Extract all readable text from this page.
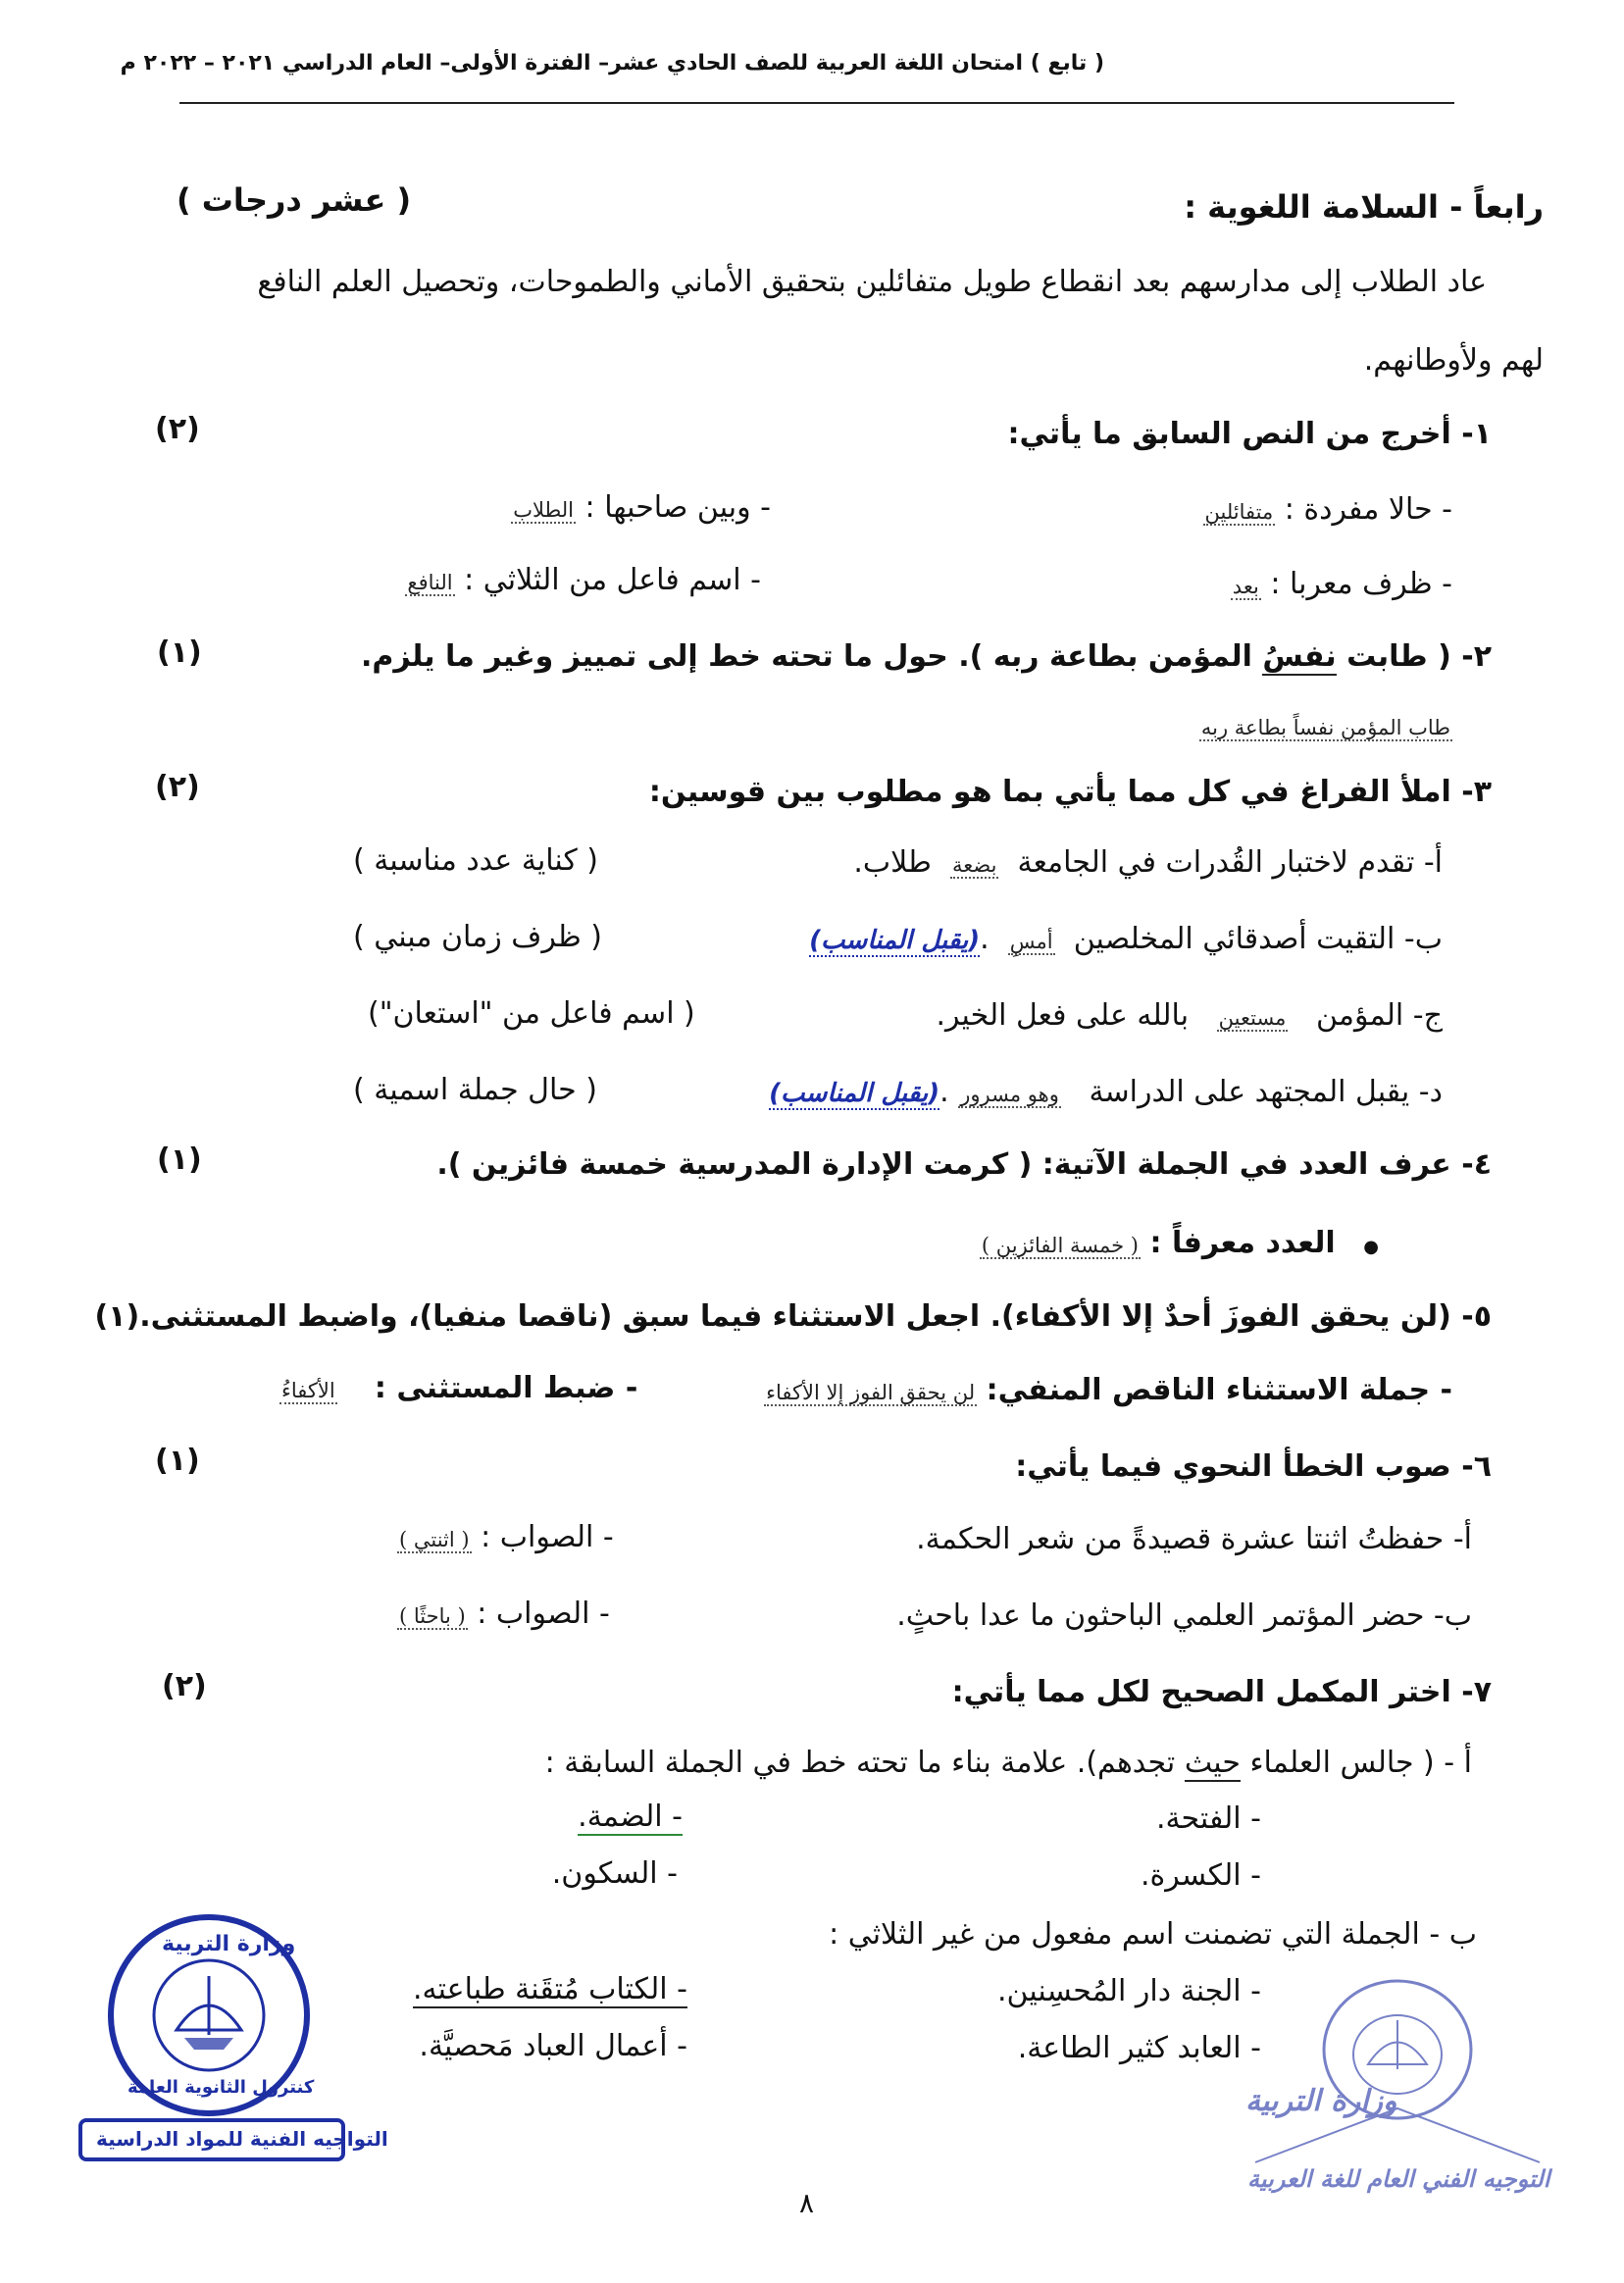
( تابع ) امتحان اللغة العربية للصف الحادي عشر– الفترة الأولى– العام الدراسي ٢٠٢١ – ٢٠٢٢ م
رابعاً - السلامة اللغوية :
( عشر درجات )
عاد الطلاب إلى مدارسهم بعد انقطاع طويل متفائلين بتحقيق الأماني والطموحات، وتحصيل العلم النافع
لهم ولأوطانهم.
١- أخرج من النص السابق ما يأتي:
(٢)
- حالا مفردة : متفائلين
- وبين صاحبها : الطلاب
- ظرف معربا : بعد
- اسم فاعل من الثلاثي : النافع
٢- ( طابت نفسُ المؤمن بطاعة ربه ). حول ما تحته خط إلى تمييز وغير ما يلزم.
(١)
طاب المؤمن نفساً بطاعة ربه
٣- املأ الفراغ في كل مما يأتي بما هو مطلوب بين قوسين:
(٢)
أ- تقدم لاختبار القُدرات في الجامعة  بضعة  طلاب.
( كناية عدد مناسبة )
ب- التقيت أصدقائي المخلصين  أمسِ  .(يقبل المناسب)
( ظرف زمان مبني )
ج- المؤمن   مستعين   بالله على فعل الخير.
( اسم فاعل من "استعان")
د- يقبل المجتهد على الدراسة   وهو مسرور .(يقبل المناسب)
( حال جملة اسمية )
٤- عرف العدد في الجملة الآتية: ( كرمت الإدارة المدرسية خمسة فائزين ).
(١)
●   العدد معرفاً : ( خمسة الفائزين )
٥- (لن يحقق الفوزَ أحدٌ إلا الأكفاء). اجعل الاستثناء فيما سبق (ناقصا منفيا)، واضبط المستثنى.(١)
- جملة الاستثناء الناقص المنفي: لن يحقق الفوز إلا الأكفاء
- ضبط المستثنى :    الأكفاءُ
٦- صوب الخطأ النحوي فيما يأتي:
(١)
أ- حفظتُ اثنتا عشرة قصيدةً من شعر الحكمة.
- الصواب : ( اثنتي )
ب- حضر المؤتمر العلمي الباحثون ما عدا باحثٍ.
- الصواب : ( باحثًا )
٧- اختر المكمل الصحيح لكل مما يأتي:
(٢)
أ - ( جالس العلماء حيث تجدهم). علامة بناء ما تحته خط في الجملة السابقة :
- الفتحة.
- الضمة.
- الكسرة.
- السكون.
ب - الجملة التي تضمنت اسم مفعول من غير الثلاثي :
- الجنة دار المُحسِنين.
- الكتاب مُتقَنة طباعته.
- العابد كثير الطاعة.
- أعمال العباد مَحصيَّة.
وزارة التربية
كنترول الثانوية العامة
التواجيه الفنية للمواد الدراسية
وزارة التربية
التوجيه الفني العام للغة العربية
٨
